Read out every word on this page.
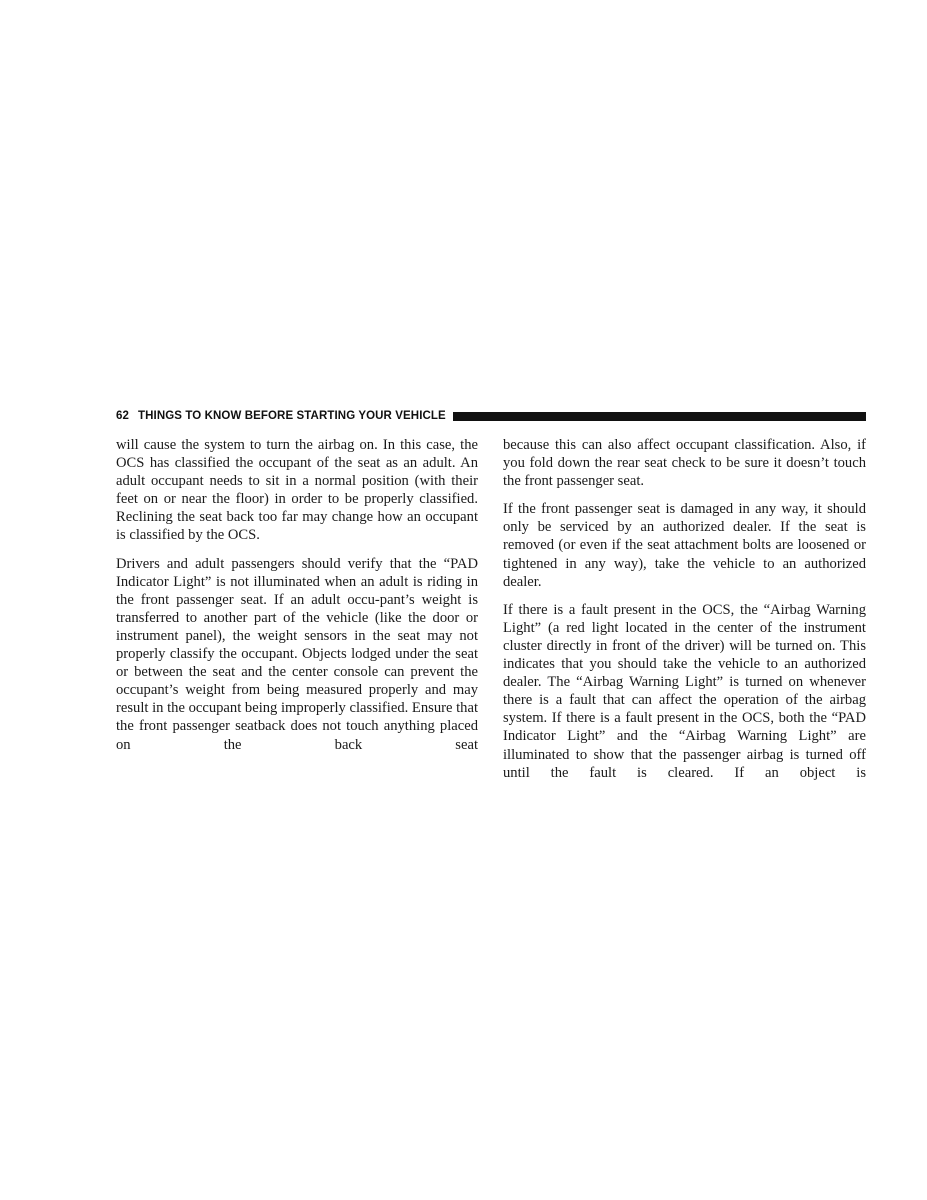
62 THINGS TO KNOW BEFORE STARTING YOUR VEHICLE

will cause the system to turn the airbag on. In this case, the OCS has classified the occupant of the seat as an adult. An adult occupant needs to sit in a normal position (with their feet on or near the floor) in order to be properly classified. Reclining the seat back too far may change how an occupant is classified by the OCS.

Drivers and adult passengers should verify that the “PAD Indicator Light” is not illuminated when an adult is riding in the front passenger seat. If an adult occu-pant’s weight is transferred to another part of the vehicle (like the door or instrument panel), the weight sensors in the seat may not properly classify the occupant. Objects lodged under the seat or between the seat and the center console can prevent the occupant’s weight from being measured properly and may result in the occupant being improperly classified. Ensure that the front passenger seatback does not touch anything placed on the back seat

because this can also affect occupant classification. Also, if you fold down the rear seat check to be sure it doesn’t touch the front passenger seat.

If the front passenger seat is damaged in any way, it should only be serviced by an authorized dealer. If the seat is removed (or even if the seat attachment bolts are loosened or tightened in any way), take the vehicle to an authorized dealer.

If there is a fault present in the OCS, the “Airbag Warning Light” (a red light located in the center of the instrument cluster directly in front of the driver) will be turned on. This indicates that you should take the vehicle to an authorized dealer. The “Airbag Warning Light” is turned on whenever there is a fault that can affect the operation of the airbag system. If there is a fault present in the OCS, both the “PAD Indicator Light” and the “Airbag Warning Light” are illuminated to show that the passenger airbag is turned off until the fault is cleared. If an object is
